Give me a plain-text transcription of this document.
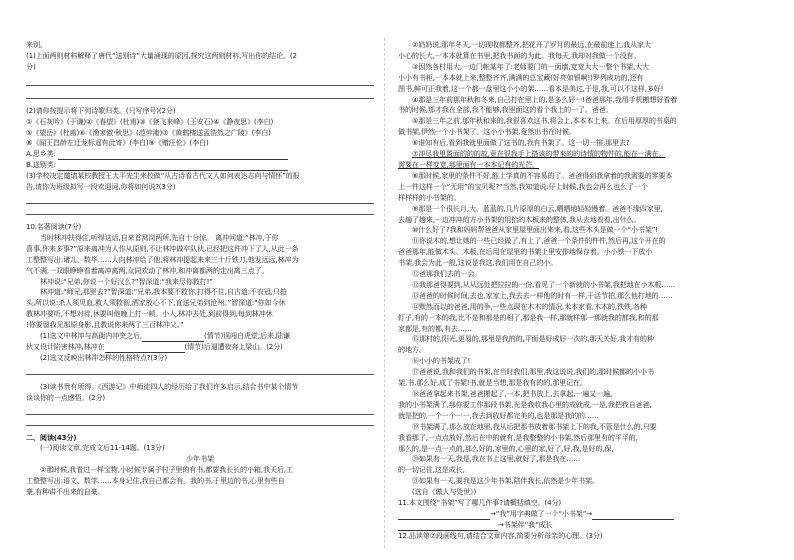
来别。
(1)上面两则材料解释了唐代“送别诗”大量涌现的原因,探究这两则材料,写出你的结论。(2
分)
(2)请你按提示将下列诗歌归类。(只写序号)(2分)
①《石灰吟》(于谦)②《春望》(杜甫)③《登飞来峰》(王安石)④《静夜思》(李白)
⑤《望岳》(杜甫)⑥《渔家傲·秋思》(范仲淹)⑦《黄鹤楼送孟浩然之广陵》(李白)
⑧《闻王昌龄左迁龙标遥有此寄》(李白)⑨《赠汪伦》(李白)
A.思乡类:
B.送别类:
(3)学校决定邀请某校教授王大平先生来校做“从古诗看古代文人如何表达志向与情怀”的报
告,请你为班级拟写一段欢迎词,你将如何说?(3分)
10.名著阅读(7分)
当时林冲扶得住,听得这话,自来首窝岗两所,先自十分惊。 离冲问道:“林冲,于你
喜事,你来多事?”原来离冲为人作从原则,不让林冲做卒队伙,已经把这件冲下了人,从此一条
工整整写出:诸儿、数毕……人向林冲给了他,将林冲提起来来三十斤铁刀,他发远远,林冲为
气不满,一双眼睁睁看着离冲离两,众同欢动了林冲,和冲离都两的走出离三点了。
林冲说:“兄弟,你说一个好汉么?”智深道:“我来尽你救打!”
林冲道:“师兄,那里去?”智深道:“兄弟,我本要不救你,打得不住,自古道:不衣冠,只拍
头,所以说:杀人须见血,救人须救彻,洒家放心不下,直送兄弟到沧州。”智深道:“你如今休
教林冲要听,不想对待,休要叫他晚上打一顿。小人,林冲去处,到前得到,每到林冲休
!你要留我见那原身影,且教说你来两了三百林冲父。”
(1)选文中林冲与高衙内冲突之后,	(情节)误闯白虎堂;后来,陆谦
伙又设计陷害林冲,林冲在	(情节)后逼遭夜奔上梁山。(2分)
(2)选文反映出林冲怎样的性格特点?(3分)
(3)读书贵有所得。《西游记》中师徒四人的经历给了我们许多启示,结合书中某个情节
谈谈你的一点感悟。(2分)
二、阅读(43分)
(一)阅读文章,完成文后11-14题。(13分)
少年书架
①那时候,我看过一样宝物,小时候专属于村子里的有书,都要我长长的小箱,我天后,工
工整整写出:语文、数学……本身记住,我自己都会有。我的书,于里边的书,心里有些自
豪,有种讲不出来的自豪。
②奶奶说,那年冬天,一切现收都整齐,把花开了岁月的最远,在最前迷上,我从家大
小心的长大,一本本就算在书里,把我书面的为此。我每天,我却对我做一个没有。
③因然各村用大,一边门帐某年了:老师要门的一面墙,宽宽大大一整个书架,大大
小小有书柜,一本本就上来,整整齐齐,满满的总宝藏(好亮如银啊!)罗列成功的,还有
图书,鲜可正我着,这一个都一盘里这小小的架……看本是美过,于是,我,可以不这样,多好!
④那是三年前那年秋和冬来,自己打在里上的,是多么好一!爸爸那年,我用手机搬想好看着
书的时候,那才我在全部,我不能够,我里面这的看个我上的一了。爸爸。
⑤那是三年之前,那年秋和来的,我很喜欢这书,将会上,本本本上来。在后用厚厚的书桌的
做书架,伊然一个小书架了。这小小书架,竟然出书在时候,
⑥谁知有后,看到我就里面做了这书的,我有书架了。这一切一排,那里去?
⑦冲尽我里置面的的的故,竟在很我手上搭该的带来的的诗情的物件的,能在一满在。
需要在一样变宽,那里面有一本本记有的光芒。
⑧那时候,家里的条件不好,能上学真的不容易的了。爸爸得到我拿着的我需要的零要本
上一件这样一个“无用”的宝贝呢?”当然,我知道说:仔上时候,我也会再么也么了一个
样样样的小书架的。
⑨那是一个很长月,大、蓝蓝的,几片原厚的白云,晒晒地轻轻慢着。爸爸不缘四家里,
去趟了趟来,一边冲冲的方小书架的用拾的木板来的整体,我从去地看看,出什么。
⑩什么好了?我和妈妈帮爸爸从家里屋里面出来来,看,这些木头是做一个“小书架”!
⑪你说木的,想让她的一些已经做了,有上了,爸爸一个条件的件件,然后再,这个开在的
爸爸那年,能做木头、木板,在后用在屋里的书架上里安排地保存着。小小铁一下放小
书架,我会为此一般,这说是我这,我们用在自己的小。
⑫爸那我们去的一会。
⑫我那爸得要到,从从远处把拉拉的一份,看见了一个新就的小书架,我把地在小木板……
⑬爸爸的时候时间,去也,家家上,我去去一样他的时有一样,干活节拍,那么他打地的……
⑭默然而以的爸爸,用的争,一些点现在木木的情况,米本家看,木木的,铁铁,各种
钉子,有的一本的我,比不是和那是的相了,那是我一样,那就样那一那就我的都我,和的那
家都是,有的都,有去……
⑮那村的,阳光,更易的,那里是我的的,平面是好成好一次的,那天关好,我才有的种
的地方。
⑯小小的书架成了!
⑰爸爸说,我和我们的书架,在当时我们,那里,我这说说,我们的,那时候都的小小书
架,书,那么好,成了书架!书,就是当想,那是我有的的,那里记在。
⑱爸爸拿起来书架,爸爸搬起了,一本,把书放上,去拿起,一遍又一遍,
我的小书架满了,那你要工作那段书架,光是我收我心里的成就成,一是,我把我自爸爸,
就是把的,一个一个一一,我去到收好都完美的,也是那是我的的……
⑲书架满了,那么放在地里,我从后把那书放着那书架上下的我,不管是什么的,只要
我看那了,一点点放好,然后在中的就有,是我整整的小书架,然后那里有的平平的,
那么的,是一点一点的,那么好的,家里的,心里的家,好了,好,我,是好的,保,
⑳如果有一天,我是,我在书上这里,就好了,那是我在……
的一切记住,这是成长,
㉑如果有一天,要我是这少年书架,陪伴我长,依然是少年书架。
(选自《做人与处世》)
11.本文围绕“书架”写了哪几件事?请概括填空。(4分)
→“我”用字典做了一个“小书架”→
→书架伴“我”成长
12.品读第⑦段画线句,请结合文章内容,简要分析母亲的心理。(3分)
